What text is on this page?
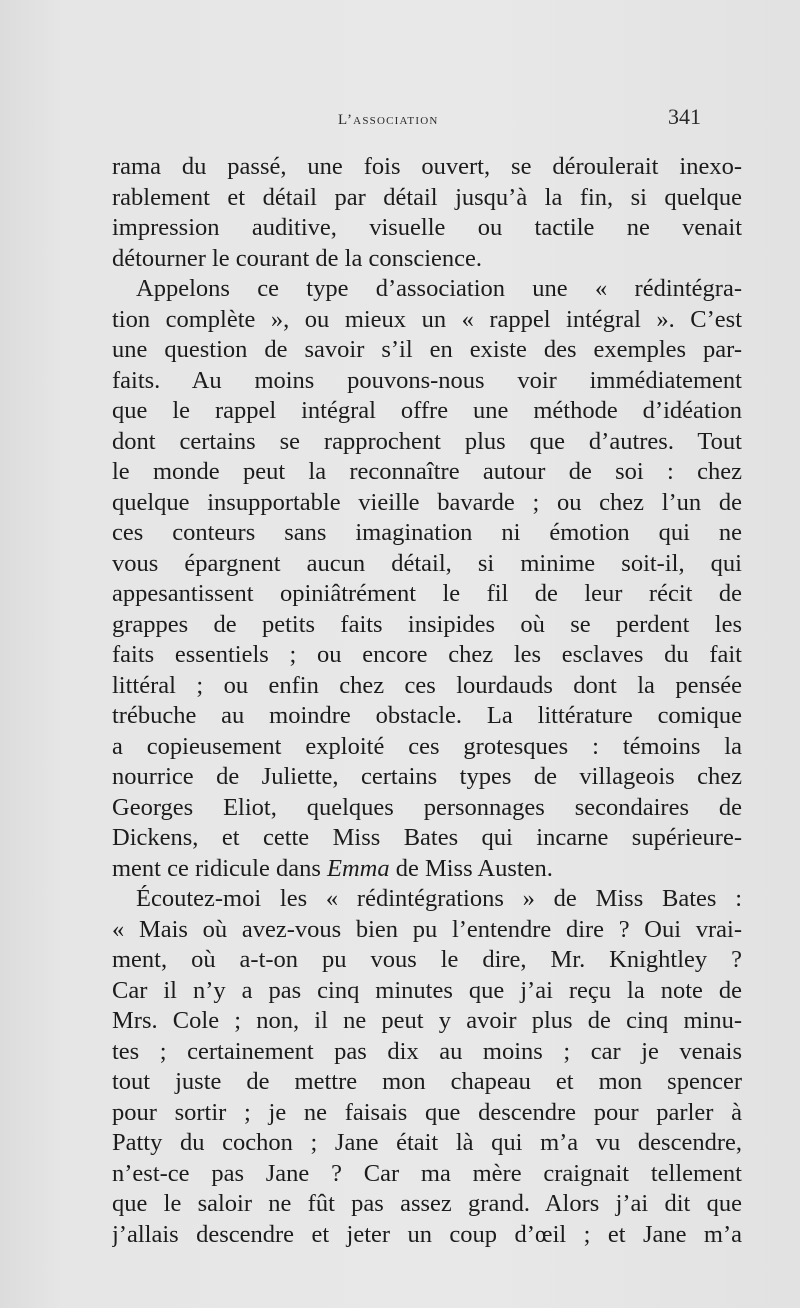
L’association	341
rama du passé, une fois ouvert, se déroulerait inexo-
rablement et détail par détail jusqu’à la fin, si quelque
impression auditive, visuelle ou tactile ne venait
détourner le courant de la conscience.
Appelons ce type d’association une « rédintégra-
tion complète », ou mieux un « rappel intégral ». C’est
une question de savoir s’il en existe des exemples par-
faits. Au moins pouvons-nous voir immédiatement
que le rappel intégral offre une méthode d’idéation
dont certains se rapprochent plus que d’autres. Tout
le monde peut la reconnaître autour de soi : chez
quelque insupportable vieille bavarde ; ou chez l’un de
ces conteurs sans imagination ni émotion qui ne
vous épargnent aucun détail, si minime soit-il, qui
appesantissent opiniâtrément le fil de leur récit de
grappes de petits faits insipides où se perdent les
faits essentiels ; ou encore chez les esclaves du fait
littéral ; ou enfin chez ces lourdauds dont la pensée
trébuche au moindre obstacle. La littérature comique
a copieusement exploité ces grotesques : témoins la
nourrice de Juliette, certains types de villageois chez
Georges Eliot, quelques personnages secondaires de
Dickens, et cette Miss Bates qui incarne supérieure-
ment ce ridicule dans Emma de Miss Austen.
Écoutez-moi les « rédintégrations » de Miss Bates :
« Mais où avez-vous bien pu l’entendre dire ? Oui vrai-
ment, où a-t-on pu vous le dire, Mr. Knightley ?
Car il n’y a pas cinq minutes que j’ai reçu la note de
Mrs. Cole ; non, il ne peut y avoir plus de cinq minu-
tes ; certainement pas dix au moins ; car je venais
tout juste de mettre mon chapeau et mon spencer
pour sortir ; je ne faisais que descendre pour parler à
Patty du cochon ; Jane était là qui m’a vu descendre,
n’est-ce pas Jane ? Car ma mère craignait tellement
que le saloir ne fût pas assez grand. Alors j’ai dit que
j’allais descendre et jeter un coup d’œil ; et Jane m’a
